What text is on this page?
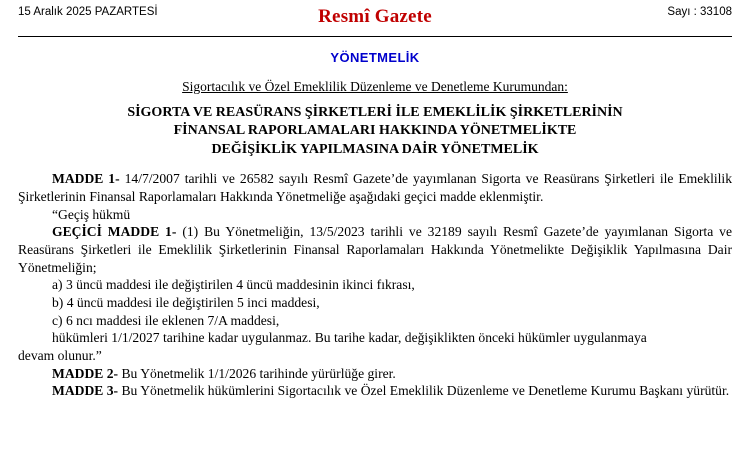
15 Aralık 2025 PAZARTESİ	Resmî Gazete	Sayı : 33108
YÖNETMELİK
Sigortacılık ve Özel Emeklilik Düzenleme ve Denetleme Kurumundan:
SİGORTA VE REASÜRANS ŞİRKETLERİ İLE EMEKLİLİK ŞİRKETLERİNİN
FİNANSAL RAPORLAMALARI HAKKINDA YÖNETMELİKTE
DEĞİŞİKLİK YAPILMASINA DAİR YÖNETMELİK

MADDE 1- 14/7/2007 tarihli ve 26582 sayılı Resmî Gazete’de yayımlanan Sigorta ve Reasürans Şirketleri ile Emeklilik Şirketlerinin Finansal Raporlamaları Hakkında Yönetmeliğe aşağıdaki geçici madde eklenmiştir.

“Geçiş hükmü

GEÇİCİ MADDE 1- (1) Bu Yönetmeliğin, 13/5/2023 tarihli ve 32189 sayılı Resmî Gazete’de yayımlanan Sigorta ve Reasürans Şirketleri ile Emeklilik Şirketlerinin Finansal Raporlamaları Hakkında Yönetmelikte Değişiklik Yapılmasına Dair Yönetmeliğin;

a) 3 üncü maddesi ile değiştirilen 4 üncü maddesinin ikinci fıkrası,

b) 4 üncü maddesi ile değiştirilen 5 inci maddesi,

c) 6 ncı maddesi ile eklenen 7/A maddesi,

hükümleri 1/1/2027 tarihine kadar uygulanmaz. Bu tarihe kadar, değişiklikten önceki hükümler uygulanmaya

devam olunur.”

MADDE 2- Bu Yönetmelik 1/1/2026 tarihinde yürürlüğe girer.

MADDE 3- Bu Yönetmelik hükümlerini Sigortacılık ve Özel Emeklilik Düzenleme ve Denetleme Kurumu Başkanı yürütür.
